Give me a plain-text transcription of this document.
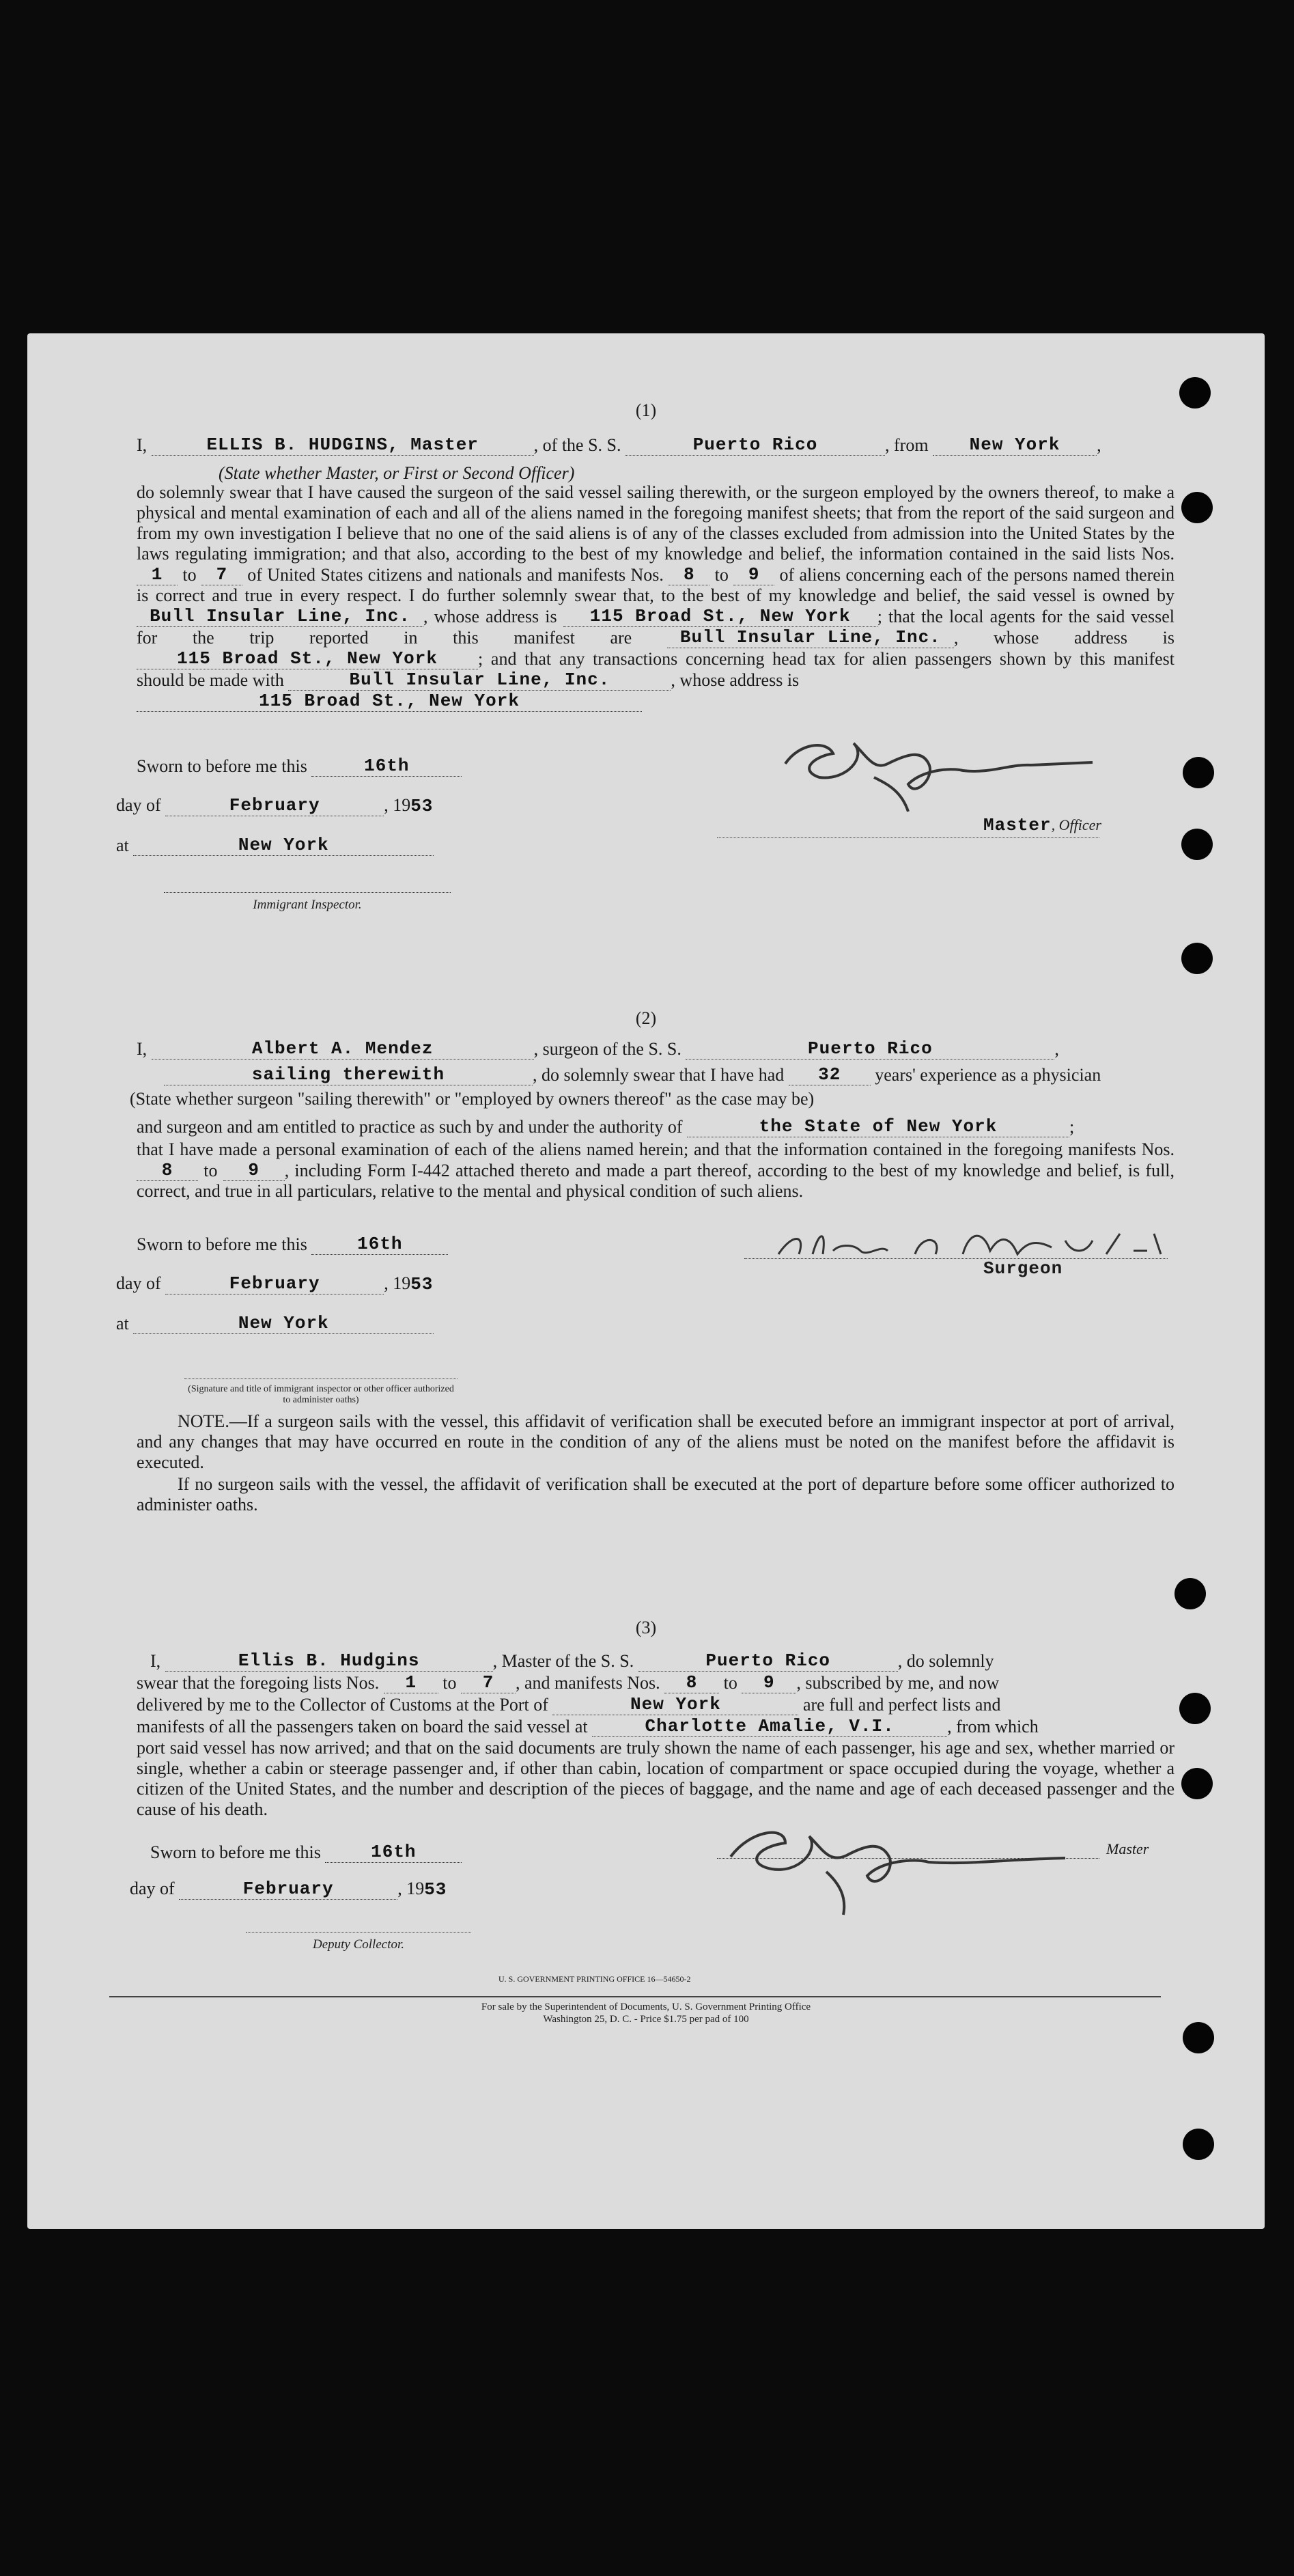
(1)
I,	ELLIS B. HUDGINS, Master	, of the S. S.	Puerto Rico	, from New York ,
(State whether Master, or First or Second Officer)
do solemnly swear that I have caused the surgeon of the said vessel sailing therewith, or the surgeon employed by the owners thereof, to make a physical and mental examination of each and all of the aliens named in the foregoing manifest sheets; that from the report of the said surgeon and from my own investigation I believe that no one of the said aliens is of any of the classes excluded from admission into the United States by the laws regulating immigration; and that also, according to the best of my knowledge and belief, the information contained in the said lists Nos. 1 to 7 of United States citizens and nationals and manifests Nos. 8 to 9 of aliens concerning each of the persons named therein is correct and true in every respect. I do further solemnly swear that, to the best of my knowledge and belief, the said vessel is owned by Bull Insular Line, Inc. , whose address is 115 Broad St., New York ; that the local agents for the said vessel for the trip reported in this manifest are	Bull Insular Line, Inc. , whose address is 115 Broad St., New York ; and that any transactions concerning head tax for alien passengers shown by this manifest should be made with	Bull Insular Line, Inc.	, whose address is
115 Broad St., New York
Sworn to before me this	16th
day of	February	, 1953
at	New York
Immigrant Inspector.
Master, Officer
(2)
I,	Albert A. Mendez	, surgeon of the S. S.	Puerto Rico	,
sailing therewith	, do solemnly swear that I have had 32 years' experience as a physician
(State whether surgeon "sailing therewith" or "employed by owners thereof" as the case may be)
and surgeon and am entitled to practice as such by and under the authority of	the State of New York	;
that I have made a personal examination of each of the aliens named herein; and that the information contained in the foregoing manifests Nos. 8 to 9 , including Form I-442 attached thereto and made a part thereof, according to the best of my knowledge and belief, is full, correct, and true in all particulars, relative to the mental and physical condition of such aliens.
Sworn to before me this	16th
day of	February	, 1953
at	New York
(Signature and title of immigrant inspector or other officer authorized to administer oaths)
Surgeon
NOTE.—If a surgeon sails with the vessel, this affidavit of verification shall be executed before an immigrant inspector at port of arrival, and any changes that may have occurred en route in the condition of any of the aliens must be noted on the manifest before the affidavit is executed.
If no surgeon sails with the vessel, the affidavit of verification shall be executed at the port of departure before some officer authorized to administer oaths.
(3)
I,	Ellis B. Hudgins	, Master of the S. S.	Puerto Rico	, do solemnly
swear that the foregoing lists Nos. 1 to 7 , and manifests Nos. 8 to 9 , subscribed by me, and now
delivered by me to the Collector of Customs at the Port of	New York	are full and perfect lists and
manifests of all the passengers taken on board the said vessel at	Charlotte Amalie, V.I.	, from which
port said vessel has now arrived; and that on the said documents are truly shown the name of each passenger, his age and sex, whether married or single, whether a cabin or steerage passenger and, if other than cabin, location of compartment or space occupied during the voyage, whether a citizen of the United States, and the number and description of the pieces of baggage, and the name and age of each deceased passenger and the cause of his death.
Sworn to before me this	16th
day of	February	, 1953
Deputy Collector.
Master
U. S. GOVERNMENT PRINTING OFFICE 16—54650-2
For sale by the Superintendent of Documents, U. S. Government Printing Office
Washington 25, D. C. - Price $1.75 per pad of 100
